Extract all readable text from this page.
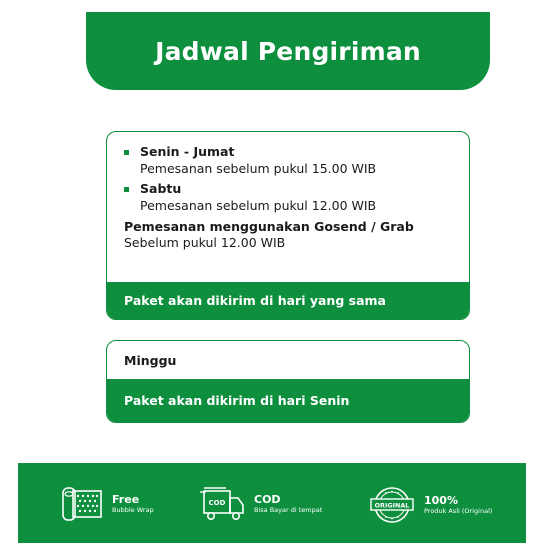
Jadwal Pengiriman
Senin - Jumat
Pemesanan sebelum pukul 15.00 WIB
Sabtu
Pemesanan sebelum pukul 12.00 WIB
Pemesanan menggunakan Gosend / Grab
Sebelum pukul 12.00 WIB
Paket akan dikirim di hari yang sama
Minggu
Paket akan dikirim di hari Senin
Free
Bubble Wrap
COD	COD
Bisa Bayar di tempat
ORIGINAL 100%
Produk Asli (Original)
